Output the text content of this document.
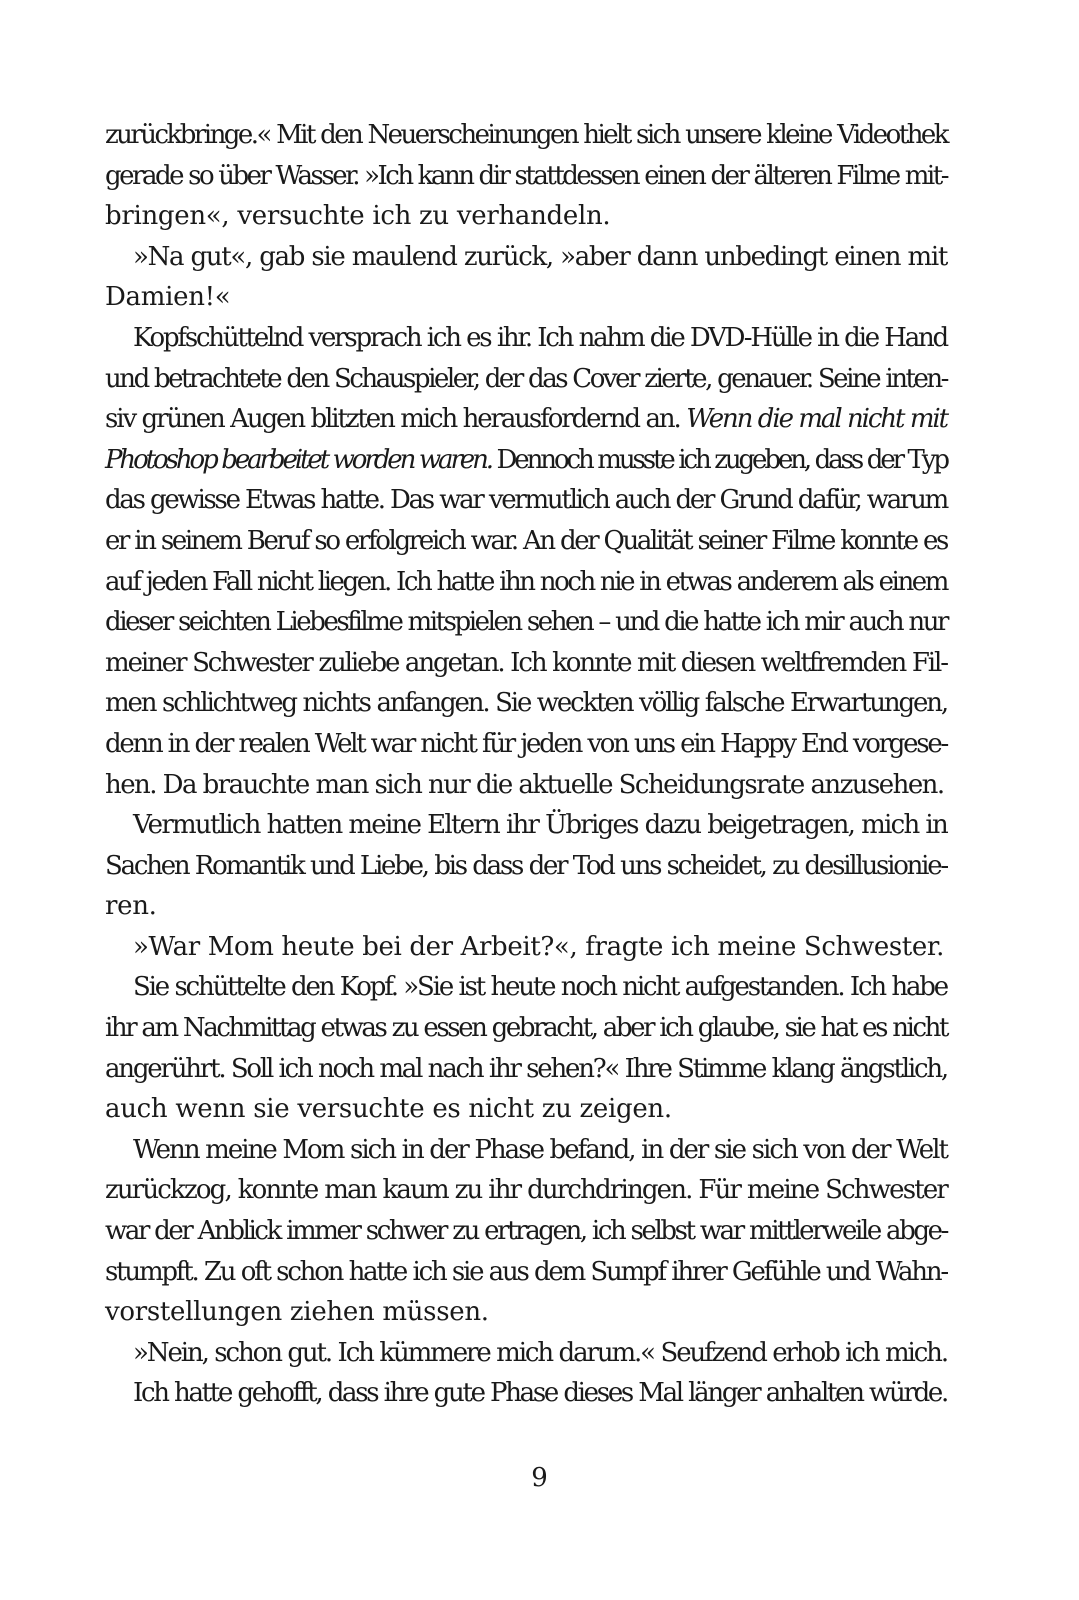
zurückbringe.« Mit den Neuerscheinungen hielt sich unsere kleine Videothek
gerade so über Wasser. »Ich kann dir stattdessen einen der älteren Filme mit-
bringen«, versuchte ich zu verhandeln.
»Na gut«, gab sie maulend zurück, »aber dann unbedingt einen mit
Damien!«
Kopfschüttelnd versprach ich es ihr. Ich nahm die DVD-Hülle in die Hand
und betrachtete den Schauspieler, der das Cover zierte, genauer. Seine inten-
siv grünen Augen blitzten mich herausfordernd an. Wenn die mal nicht mit
Photoshop bearbeitet worden waren. Dennoch musste ich zugeben, dass der Typ
das gewisse Etwas hatte. Das war vermutlich auch der Grund dafür, warum
er in seinem Beruf so erfolgreich war. An der Qualität seiner Filme konnte es
auf jeden Fall nicht liegen. Ich hatte ihn noch nie in etwas anderem als einem
dieser seichten Liebesfilme mitspielen sehen – und die hatte ich mir auch nur
meiner Schwester zuliebe angetan. Ich konnte mit diesen weltfremden Fil-
men schlichtweg nichts anfangen. Sie weckten völlig falsche Erwartungen,
denn in der realen Welt war nicht für jeden von uns ein Happy End vorgese-
hen. Da brauchte man sich nur die aktuelle Scheidungsrate anzusehen.
Vermutlich hatten meine Eltern ihr Übriges dazu beigetragen, mich in
Sachen Romantik und Liebe, bis dass der Tod uns scheidet, zu desillusionie-
ren.
»War Mom heute bei der Arbeit?«, fragte ich meine Schwester.
Sie schüttelte den Kopf. »Sie ist heute noch nicht aufgestanden. Ich habe
ihr am Nachmittag etwas zu essen gebracht, aber ich glaube, sie hat es nicht
angerührt. Soll ich noch mal nach ihr sehen?« Ihre Stimme klang ängstlich,
auch wenn sie versuchte es nicht zu zeigen.
Wenn meine Mom sich in der Phase befand, in der sie sich von der Welt
zurückzog, konnte man kaum zu ihr durchdringen. Für meine Schwester
war der Anblick immer schwer zu ertragen, ich selbst war mittlerweile abge-
stumpft. Zu oft schon hatte ich sie aus dem Sumpf ihrer Gefühle und Wahn-
vorstellungen ziehen müssen.
»Nein, schon gut. Ich kümmere mich darum.« Seufzend erhob ich mich.
Ich hatte gehofft, dass ihre gute Phase dieses Mal länger anhalten würde.
9
